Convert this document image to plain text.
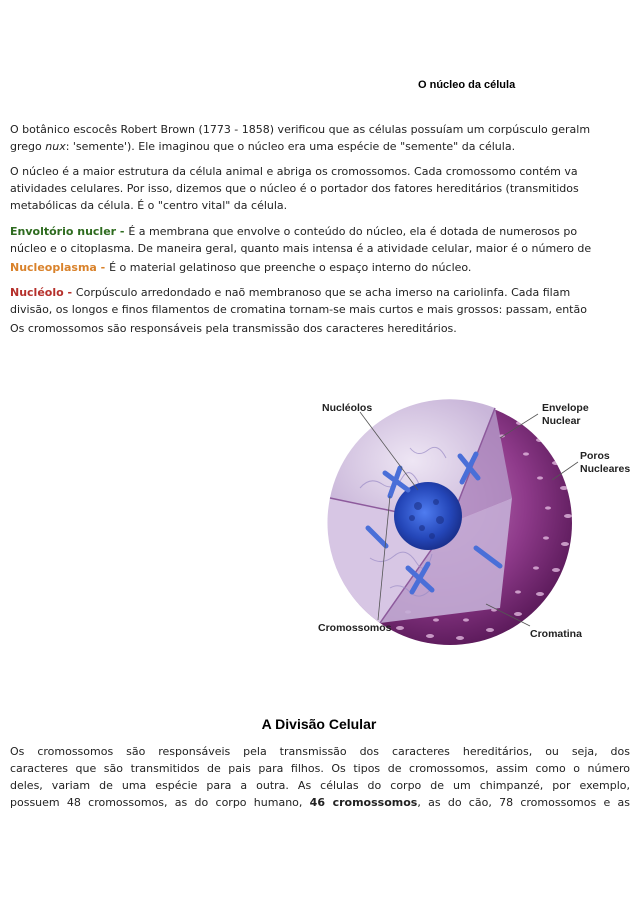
O núcleo da célula
O botânico escocês Robert Brown (1773 - 1858) verificou que as células possuíam um corpúsculo geralm
grego nux: 'semente'). Ele imaginou que o núcleo era uma espécie de "semente" da célula.
O núcleo é a maior estrutura da célula animal e abriga os cromossomos. Cada cromossomo contém va
atividades celulares. Por isso, dizemos que o núcleo é o portador dos fatores hereditários (transmitidos
metabólicas da célula. É o "centro vital" da célula.
Envoltório nucler - É a membrana que envolve o conteúdo do núcleo, ela é dotada de numerosos po
núcleo e o citoplasma. De maneira geral, quanto mais intensa é a atividade celular, maior é o número de
Nucleoplasma - É o material gelatinoso que preenche o espaço interno do núcleo.
Nucléolo - Corpúsculo arredondado e naõ membranoso que se acha imerso na cariolinfa. Cada filam
divisão, os longos e finos filamentos de cromatina tornam-se mais curtos e mais grossos: passam, então
Os cromossomos são responsáveis pela transmissão dos caracteres hereditários.
Nucléolos	Envelope
Nuclear
Poros
Nucleares
Cromossomos	Cromatina
A Divisão Celular
Os cromossomos são responsáveis pela transmissão dos caracteres hereditários, ou seja, dos
caracteres que são transmitidos de pais para filhos. Os tipos de cromossomos, assim como o número
deles, variam de uma espécie para a outra. As células do corpo de um chimpanzé, por exemplo,
possuem 48 cromossomos, as do corpo humano, 46 cromossomos, as do cão, 78 cromossomos e as
